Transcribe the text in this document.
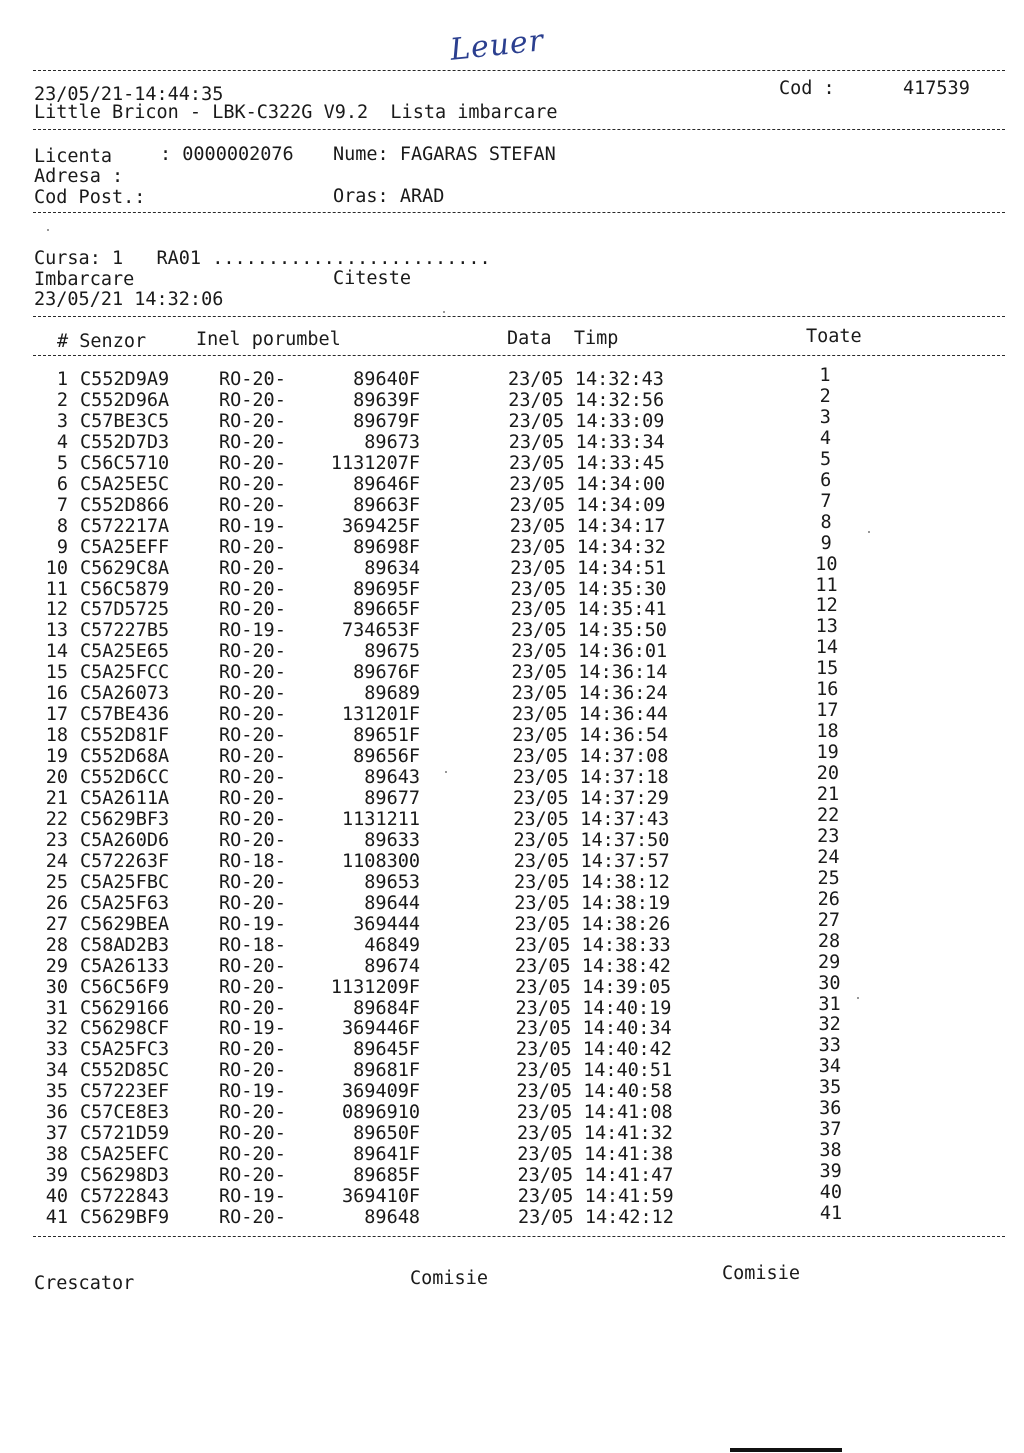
Leuer
23/05/21-14:44:35	Cod :	417539
Little Bricon - LBK-C322G V9.2  Lista imbarcare
Licenta	: 0000002076 Nume: FAGARAS STEFAN
Adresa :
Cod Post.:	Oras: ARAD
Cursa: 1   RA01 .........................
Imbarcare	Citeste
23/05/21 14:32:06
# Senzor	Inel porumbel	Data  Timp	Toate
1 C552D9A9	RO-20-	89640F	23/05 14:32:43	1
2 C552D96A	RO-20-	89639F	23/05 14:32:56	2
3 C57BE3C5	RO-20-	89679F	23/05 14:33:09	3
4 C552D7D3	RO-20-	89673	23/05 14:33:34	4
5 C56C5710	RO-20-	1131207F	23/05 14:33:45	5
6 C5A25E5C	RO-20-	89646F	23/05 14:34:00	6
7 C552D866	RO-20-	89663F	23/05 14:34:09	7
8 C572217A	RO-19-	369425F	23/05 14:34:17	8
9 C5A25EFF	RO-20-	89698F	23/05 14:34:32	9
10 C5629C8A	RO-20-	89634	23/05 14:34:51	10
11 C56C5879	RO-20-	89695F	23/05 14:35:30	11
12 C57D5725	RO-20-	89665F	23/05 14:35:41	12
13 C57227B5	RO-19-	734653F	23/05 14:35:50	13
14 C5A25E65	RO-20-	89675	23/05 14:36:01	14
15 C5A25FCC	RO-20-	89676F	23/05 14:36:14	15
16 C5A26073	RO-20-	89689	23/05 14:36:24	16
17 C57BE436	RO-20-	131201F	23/05 14:36:44	17
18 C552D81F	RO-20-	89651F	23/05 14:36:54	18
19 C552D68A	RO-20-	89656F	23/05 14:37:08	19
20 C552D6CC	RO-20-	89643	23/05 14:37:18	20
21 C5A2611A	RO-20-	89677	23/05 14:37:29	21
22 C5629BF3	RO-20-	1131211	23/05 14:37:43	22
23 C5A260D6	RO-20-	89633	23/05 14:37:50	23
24 C572263F	RO-18-	1108300	23/05 14:37:57	24
25 C5A25FBC	RO-20-	89653	23/05 14:38:12	25
26 C5A25F63	RO-20-	89644	23/05 14:38:19	26
27 C5629BEA	RO-19-	369444	23/05 14:38:26	27
28 C58AD2B3	RO-18-	46849	23/05 14:38:33	28
29 C5A26133	RO-20-	89674	23/05 14:38:42	29
30 C56C56F9	RO-20-	1131209F	23/05 14:39:05	30
31 C5629166	RO-20-	89684F	23/05 14:40:19	31
32 C56298CF	RO-19-	369446F	23/05 14:40:34	32
33 C5A25FC3	RO-20-	89645F	23/05 14:40:42	33
34 C552D85C	RO-20-	89681F	23/05 14:40:51	34
35 C57223EF	RO-19-	369409F	23/05 14:40:58	35
36 C57CE8E3	RO-20-	0896910	23/05 14:41:08	36
37 C5721D59	RO-20-	89650F	23/05 14:41:32	37
38 C5A25EFC	RO-20-	89641F	23/05 14:41:38	38
39 C56298D3	RO-20-	89685F	23/05 14:41:47	39
40 C5722843	RO-19-	369410F	23/05 14:41:59	40
41 C5629BF9	RO-20-	89648	23/05 14:42:12	41
Crescator	Comisie	Comisie
